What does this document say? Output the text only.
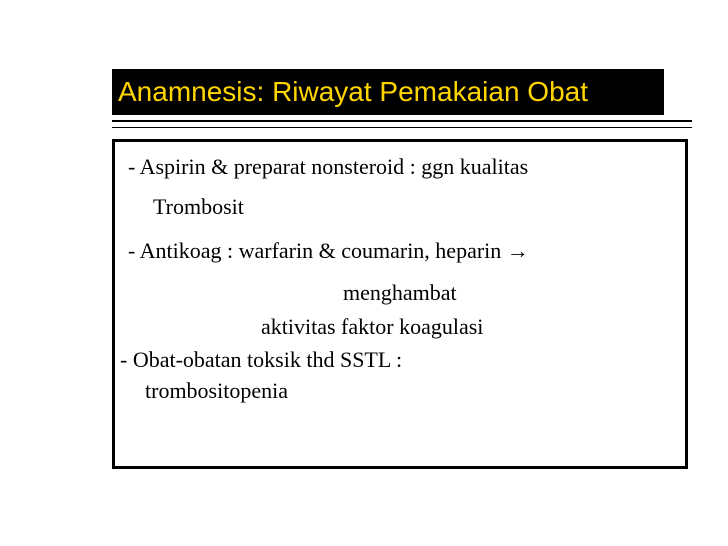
Anamnesis: Riwayat Pemakaian Obat
- Aspirin & preparat nonsteroid : ggn kualitas
Trombosit
- Antikoag : warfarin & coumarin, heparin →
menghambat
aktivitas faktor koagulasi
- Obat-obatan toksik thd SSTL :
trombositopenia
